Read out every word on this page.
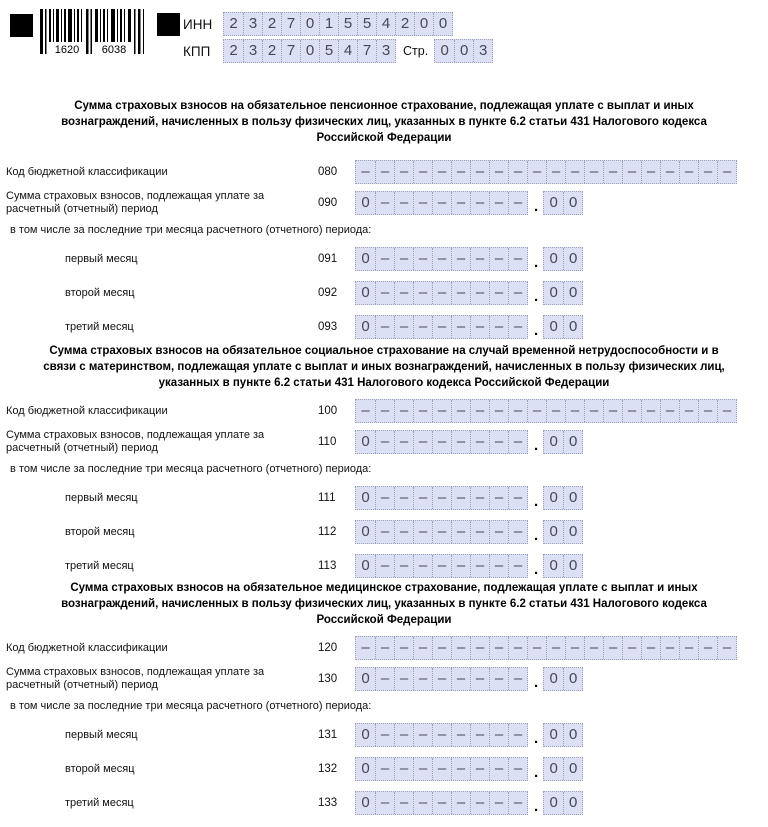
1620 6038
ИНН	2 3 2 7 0 1 5 5 4 2 0 0
КПП	2 3 2 7 0 5 4 7 3	Стр. 0 0 3
Сумма страховых взносов на обязательное пенсионное страхование, подлежащая уплате с выплат и иных вознаграждений, начисленных в пользу физических лиц, указанных в пункте 6.2 статьи 431 Налогового кодекса Российской Федерации
Код бюджетной классификации	080	– – – – – – – – – – – – – – – – – – – –
Сумма страховых взносов, подлежащая уплате за расчетный (отчетный) период	090	0 – – – – – – – – . 0 0
в том числе за последние три месяца расчетного (отчетного) периода:
первый месяц	091	0 – – – – – – – – . 0 0
второй месяц	092	0 – – – – – – – – . 0 0
третий месяц	093	0 – – – – – – – – . 0 0
Сумма страховых взносов на обязательное социальное страхование на случай временной нетрудоспособности и в связи с материнством, подлежащая уплате с выплат и иных вознаграждений, начисленных в пользу физических лиц, указанных в пункте 6.2 статьи 431 Налогового кодекса Российской Федерации
Код бюджетной классификации	100	– – – – – – – – – – – – – – – – – – – –
Сумма страховых взносов, подлежащая уплате за расчетный (отчетный) период	110	0 – – – – – – – – . 0 0
в том числе за последние три месяца расчетного (отчетного) периода:
первый месяц	111	0 – – – – – – – – . 0 0
второй месяц	112	0 – – – – – – – – . 0 0
третий месяц	113	0 – – – – – – – – . 0 0
Сумма страховых взносов на обязательное медицинское страхование, подлежащая уплате с выплат и иных вознаграждений, начисленных в пользу физических лиц, указанных в пункте 6.2 статьи 431 Налогового кодекса Российской Федерации
Код бюджетной классификации	120	– – – – – – – – – – – – – – – – – – – –
Сумма страховых взносов, подлежащая уплате за расчетный (отчетный) период	130	0 – – – – – – – – . 0 0
в том числе за последние три месяца расчетного (отчетного) периода:
первый месяц	131	0 – – – – – – – – . 0 0
второй месяц	132	0 – – – – – – – – . 0 0
третий месяц	133	0 – – – – – – – – . 0 0
